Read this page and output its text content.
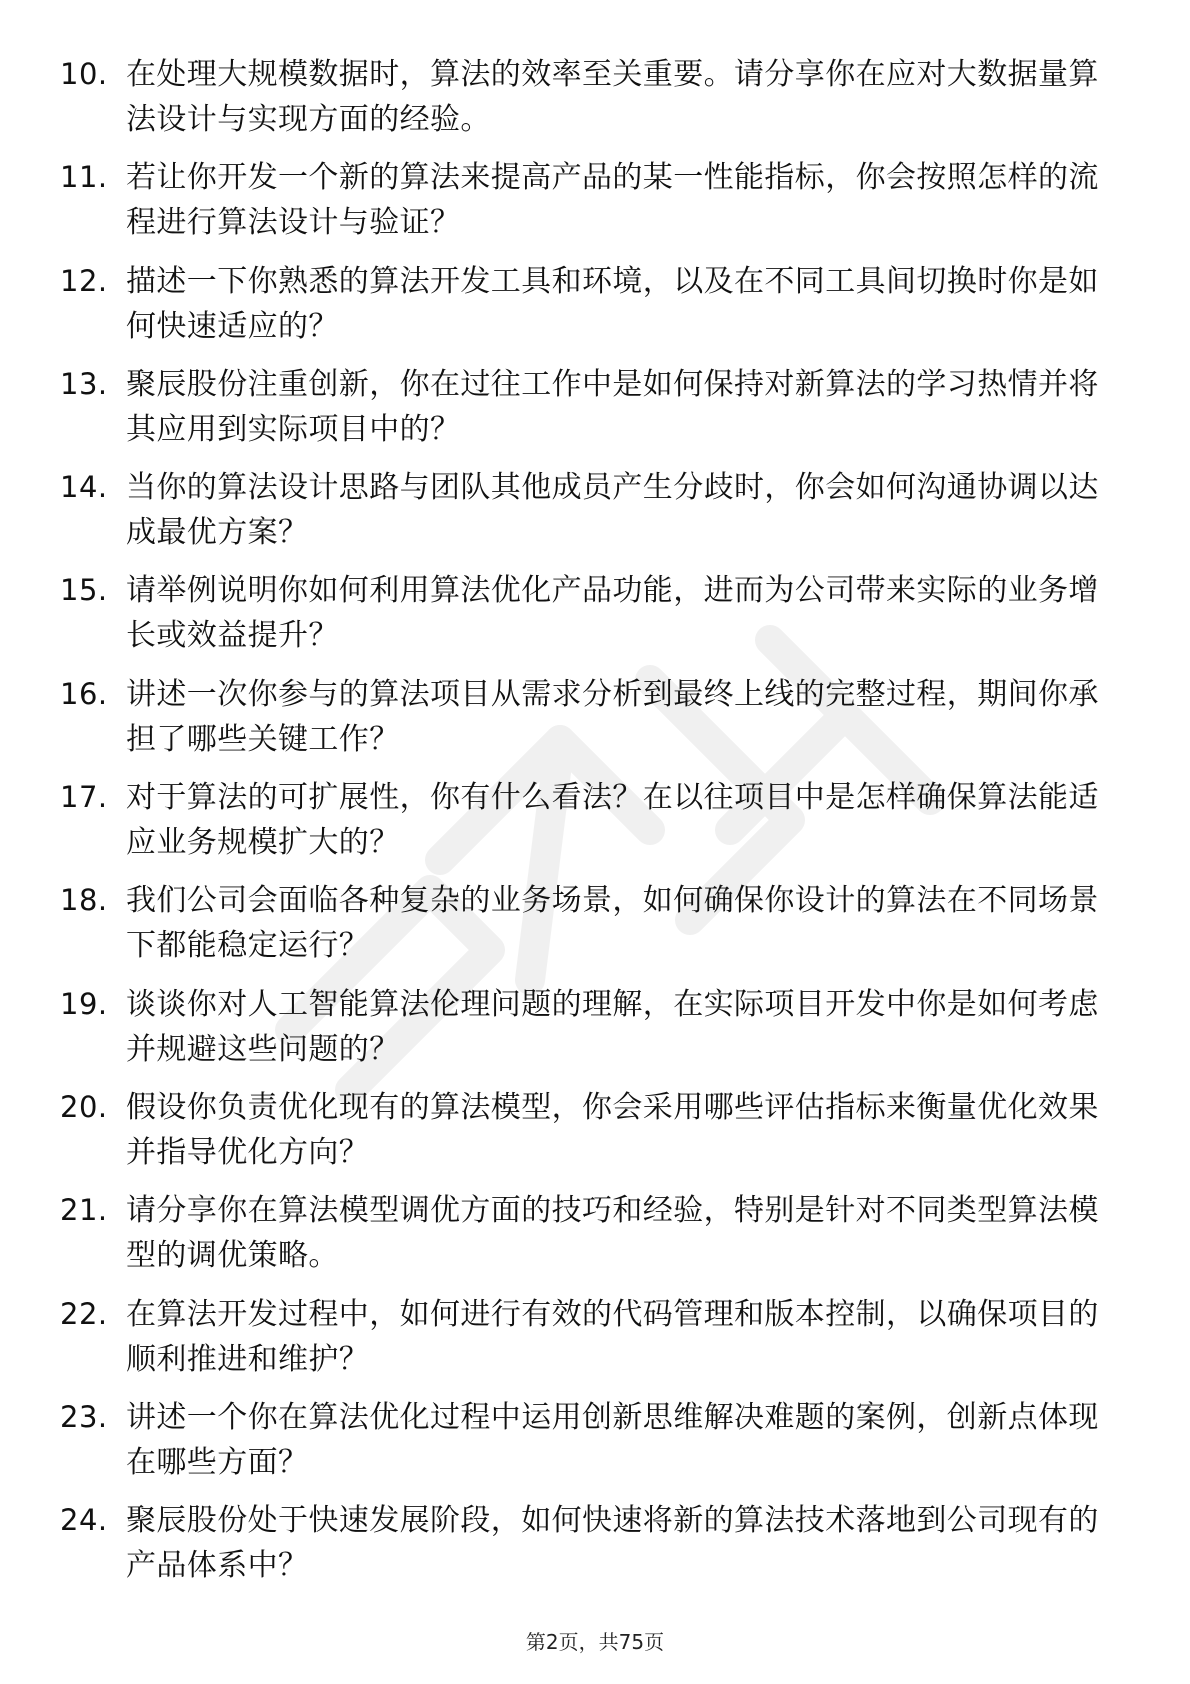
10. 在处理大规模数据时，算法的效率至关重要。请分享你在应对大数据量算法设计与实现方面的经验。
11. 若让你开发一个新的算法来提高产品的某一性能指标，你会按照怎样的流程进行算法设计与验证？
12. 描述一下你熟悉的算法开发工具和环境，以及在不同工具间切换时你是如何快速适应的？
13. 聚辰股份注重创新，你在过往工作中是如何保持对新算法的学习热情并将其应用到实际项目中的？
14. 当你的算法设计思路与团队其他成员产生分歧时，你会如何沟通协调以达成最优方案？
15. 请举例说明你如何利用算法优化产品功能，进而为公司带来实际的业务增长或效益提升？
16. 讲述一次你参与的算法项目从需求分析到最终上线的完整过程，期间你承担了哪些关键工作？
17. 对于算法的可扩展性，你有什么看法？在以往项目中是怎样确保算法能适应业务规模扩大的？
18. 我们公司会面临各种复杂的业务场景，如何确保你设计的算法在不同场景下都能稳定运行？
19. 谈谈你对人工智能算法伦理问题的理解，在实际项目开发中你是如何考虑并规避这些问题的？
20. 假设你负责优化现有的算法模型，你会采用哪些评估指标来衡量优化效果并指导优化方向？
21. 请分享你在算法模型调优方面的技巧和经验，特别是针对不同类型算法模型的调优策略。
22. 在算法开发过程中，如何进行有效的代码管理和版本控制，以确保项目的顺利推进和维护？
23. 讲述一个你在算法优化过程中运用创新思维解决难题的案例，创新点体现在哪些方面？
24. 聚辰股份处于快速发展阶段，如何快速将新的算法技术落地到公司现有的产品体系中？
第2页，共75页
